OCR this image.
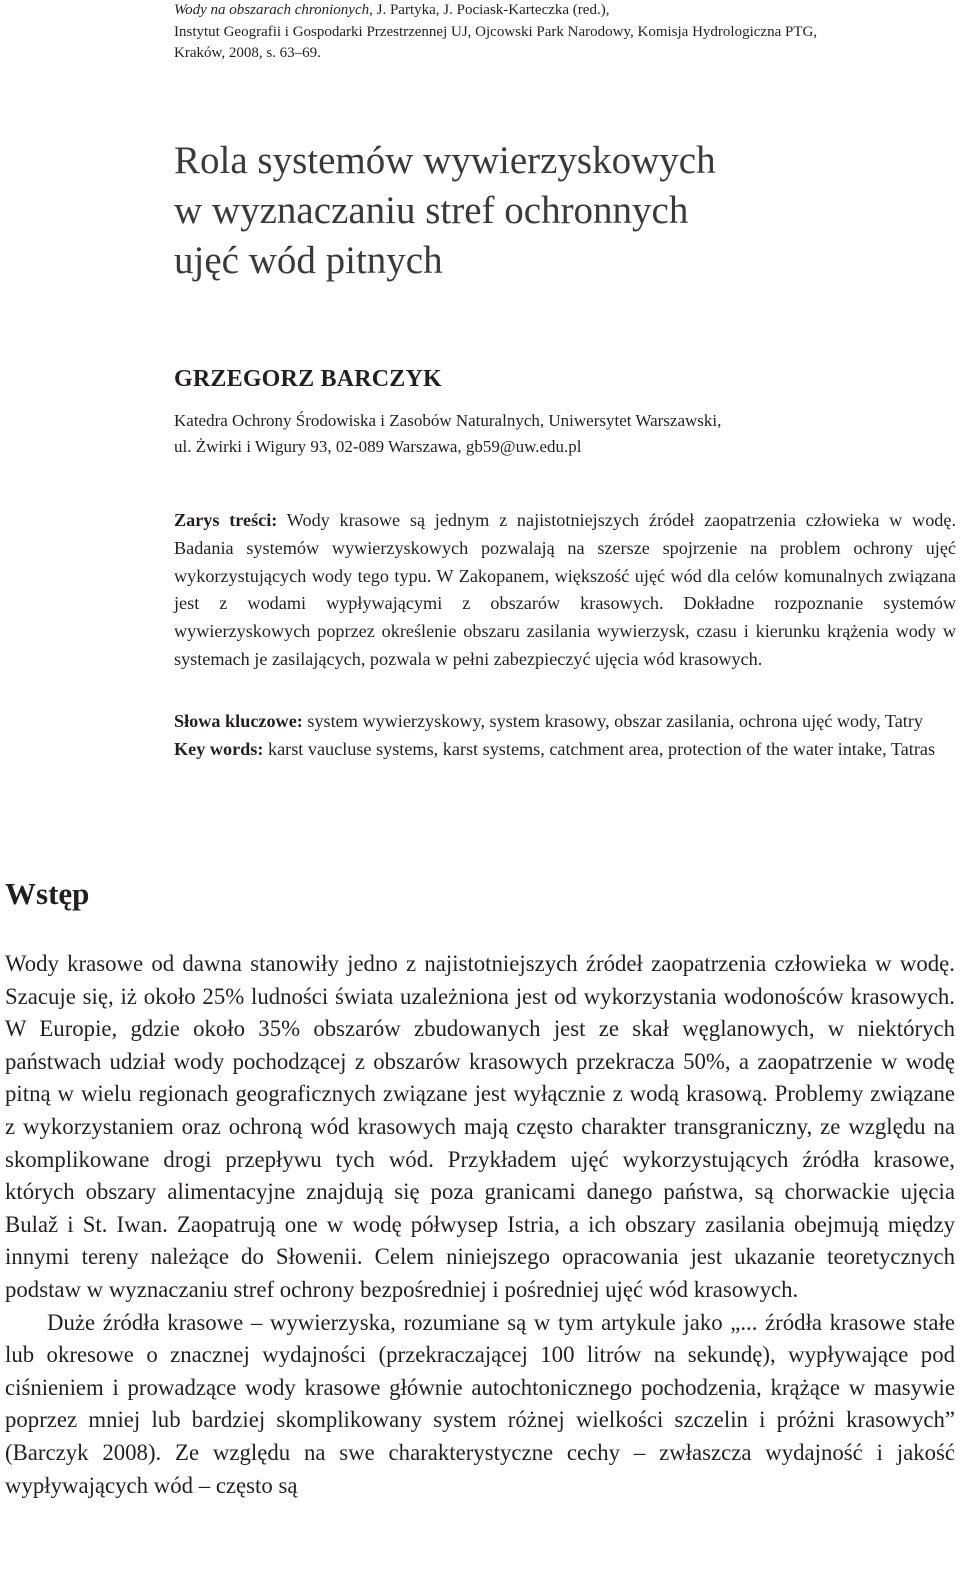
Wody na obszarach chronionych, J. Partyka, J. Pociask-Karteczka (red.),
Instytut Geografii i Gospodarki Przestrzennej UJ, Ojcowski Park Narodowy, Komisja Hydrologiczna PTG,
Kraków, 2008, s. 63–69.
Rola systemów wywierzyskowych
w wyznaczaniu stref ochronnych
ujęć wód pitnych
GRZEGORZ BARCZYK
Katedra Ochrony Środowiska i Zasobów Naturalnych, Uniwersytet Warszawski,
ul. Żwirki i Wigury 93, 02-089 Warszawa, gb59@uw.edu.pl

Zarys treści: Wody krasowe są jednym z najistotniejszych źródeł zaopatrzenia człowieka w wodę. Badania systemów wywierzyskowych pozwalają na szersze spojrzenie na problem ochrony ujęć wykorzystujących wody tego typu. W Zakopanem, większość ujęć wód dla celów komunalnych związana jest z wodami wypływającymi z obszarów krasowych. Dokładne rozpoznanie systemów wywierzyskowych poprzez określenie obszaru zasilania wywierzysk, czasu i kierunku krążenia wody w systemach je zasilających, pozwala w pełni zabezpieczyć ujęcia wód krasowych.

Słowa kluczowe: system wywierzyskowy, system krasowy, obszar zasilania, ochrona ujęć wody, Tatry

Key words: karst vaucluse systems, karst systems, catchment area, protection of the water intake, Tatras

Wstęp

Wody krasowe od dawna stanowiły jedno z najistotniejszych źródeł zaopatrzenia człowieka w wodę. Szacuje się, iż około 25% ludności świata uzależniona jest od wykorzystania wodonośców krasowych. W Europie, gdzie około 35% obszarów zbudowanych jest ze skał węglanowych, w niektórych państwach udział wody pochodzącej z obszarów krasowych przekracza 50%, a zaopatrzenie w wodę pitną w wielu regionach geograficznych związane jest wyłącznie z wodą krasową. Problemy związane z wykorzystaniem oraz ochroną wód krasowych mają często charakter transgraniczny, ze względu na skomplikowane drogi przepływu tych wód. Przykładem ujęć wykorzystujących źródła krasowe, których obszary alimentacyjne znajdują się poza granicami danego państwa, są chorwackie ujęcia Bulaž i St. Iwan. Zaopatrują one w wodę półwysep Istria, a ich obszary zasilania obejmują między innymi tereny należące do Słowenii. Celem niniejszego opracowania jest ukazanie teoretycznych podstaw w wyznaczaniu stref ochrony bezpośredniej i pośredniej ujęć wód krasowych.

Duże źródła krasowe – wywierzyska, rozumiane są w tym artykule jako „... źródła krasowe stałe lub okresowe o znacznej wydajności (przekraczającej 100 litrów na sekundę), wypływające pod ciśnieniem i prowadzące wody krasowe głównie autochtonicznego pochodzenia, krążące w masywie poprzez mniej lub bardziej skomplikowany system różnej wielkości szczelin i próżni krasowych” (Barczyk 2008). Ze względu na swe charakterystyczne cechy – zwłaszcza wydajność i jakość wypływających wód – często są
